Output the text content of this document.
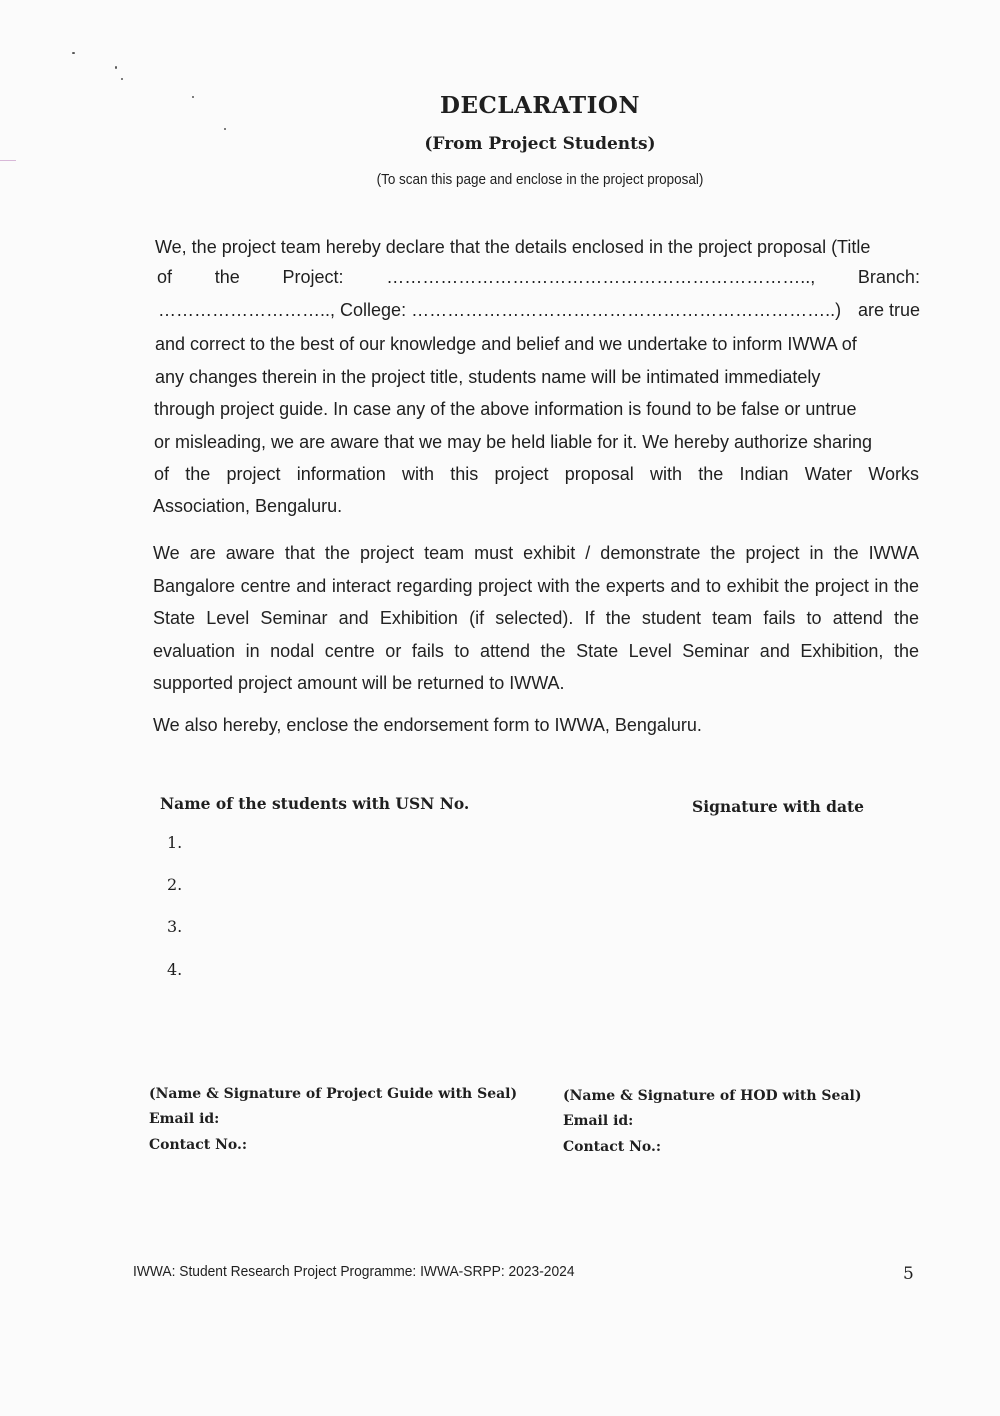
DECLARATION
(From Project Students)
(To scan this page and enclose in the project proposal)
We, the project team hereby declare that the details enclosed in the project proposal (Title
of the Project: …………………………………………………………….., Branch:
……………………….., College: ……………………………………………………………..) are true
and correct to the best of our knowledge and belief and we undertake to inform IWWA of
any changes therein in the project title, students name will be intimated immediately
through project guide. In case any of the above information is found to be false or untrue
or misleading, we are aware that we may be held liable for it. We hereby authorize sharing
of the project information with this project proposal with the Indian Water Works
Association, Bengaluru.
We are aware that the project team must exhibit / demonstrate the project in the IWWA Bangalore centre and interact regarding project with the experts and to exhibit the project in the State Level Seminar and Exhibition (if selected). If the student team fails to attend the evaluation in nodal centre or fails to attend the State Level Seminar and Exhibition, the supported project amount will be returned to IWWA.
We also hereby, enclose the endorsement form to IWWA, Bengaluru.
Name of the students with USN No.	Signature with date
1.
2.
3.
4.
(Name & Signature of Project Guide with Seal)
Email id:
Contact No.:
(Name & Signature of HOD with Seal)
Email id:
Contact No.:
IWWA: Student Research Project Programme: IWWA-SRPP: 2023-2024	5
